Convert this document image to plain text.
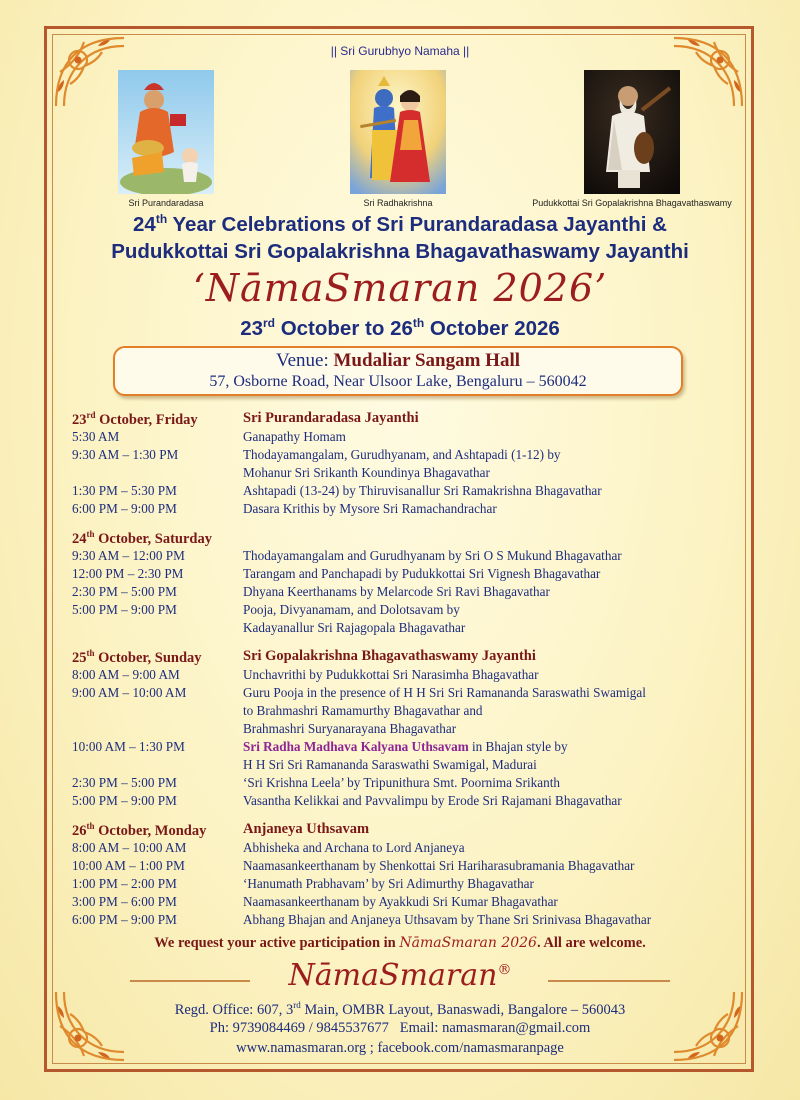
|| Sri Gurubhyo Namaha ||
Sri Purandaradasa	Sri Radhakrishna	Pudukkottai Sri Gopalakrishna Bhagavathaswamy
24th Year Celebrations of Sri Purandaradasa Jayanthi &
Pudukkottai Sri Gopalakrishna Bhagavathaswamy Jayanthi
‘NāmaSmaran 2026’
23rd October to 26th October 2026
Venue: Mudaliar Sangam Hall
57, Osborne Road, Near Ulsoor Lake, Bengaluru – 560042
23rd October, Friday	Sri Purandaradasa Jayanthi
5:30 AM	Ganapathy Homam
9:30 AM – 1:30 PM	Thodayamangalam, Gurudhyanam, and Ashtapadi (1-12) by
Mohanur Sri Srikanth Koundinya Bhagavathar
1:30 PM – 5:30 PM	Ashtapadi (13-24) by Thiruvisanallur Sri Ramakrishna Bhagavathar
6:00 PM – 9:00 PM	Dasara Krithis by Mysore Sri Ramachandrachar
24th October, Saturday
9:30 AM – 12:00 PM	Thodayamangalam and Gurudhyanam by Sri O S Mukund Bhagavathar
12:00 PM – 2:30 PM	Tarangam and Panchapadi by Pudukkottai Sri Vignesh Bhagavathar
2:30 PM – 5:00 PM	Dhyana Keerthanams by Melarcode Sri Ravi Bhagavathar
5:00 PM – 9:00 PM	Pooja, Divyanamam, and Dolotsavam by
Kadayanallur Sri Rajagopala Bhagavathar
25th October, Sunday	Sri Gopalakrishna Bhagavathaswamy Jayanthi
8:00 AM – 9:00 AM	Unchavrithi by Pudukkottai Sri Narasimha Bhagavathar
9:00 AM – 10:00 AM	Guru Pooja in the presence of H H Sri Sri Ramananda Saraswathi Swamigal
to Brahmashri Ramamurthy Bhagavathar and
Brahmashri Suryanarayana Bhagavathar
10:00 AM – 1:30 PM	Sri Radha Madhava Kalyana Uthsavam in Bhajan style by
H H Sri Sri Ramananda Saraswathi Swamigal, Madurai
2:30 PM – 5:00 PM	‘Sri Krishna Leela’ by Tripunithura Smt. Poornima Srikanth
5:00 PM – 9:00 PM	Vasantha Kelikkai and Pavvalimpu by Erode Sri Rajamani Bhagavathar
26th October, Monday	Anjaneya Uthsavam
8:00 AM – 10:00 AM	Abhisheka and Archana to Lord Anjaneya
10:00 AM – 1:00 PM	Naamasankeerthanam by Shenkottai Sri Hariharasubramania Bhagavathar
1:00 PM – 2:00 PM	‘Hanumath Prabhavam’ by Sri Adimurthy Bhagavathar
3:00 PM – 6:00 PM	Naamasankeerthanam by Ayakkudi Sri Kumar Bhagavathar
6:00 PM – 9:00 PM	Abhang Bhajan and Anjaneya Uthsavam by Thane Sri Srinivasa Bhagavathar
We request your active participation in NāmaSmaran 2026. All are welcome.
NāmaSmaran®
Regd. Office: 607, 3rd Main, OMBR Layout, Banaswadi, Bangalore – 560043
Ph: 9739084469 / 9845537677   Email: namasmaran@gmail.com
www.namasmaran.org ; facebook.com/namasmaranpage
